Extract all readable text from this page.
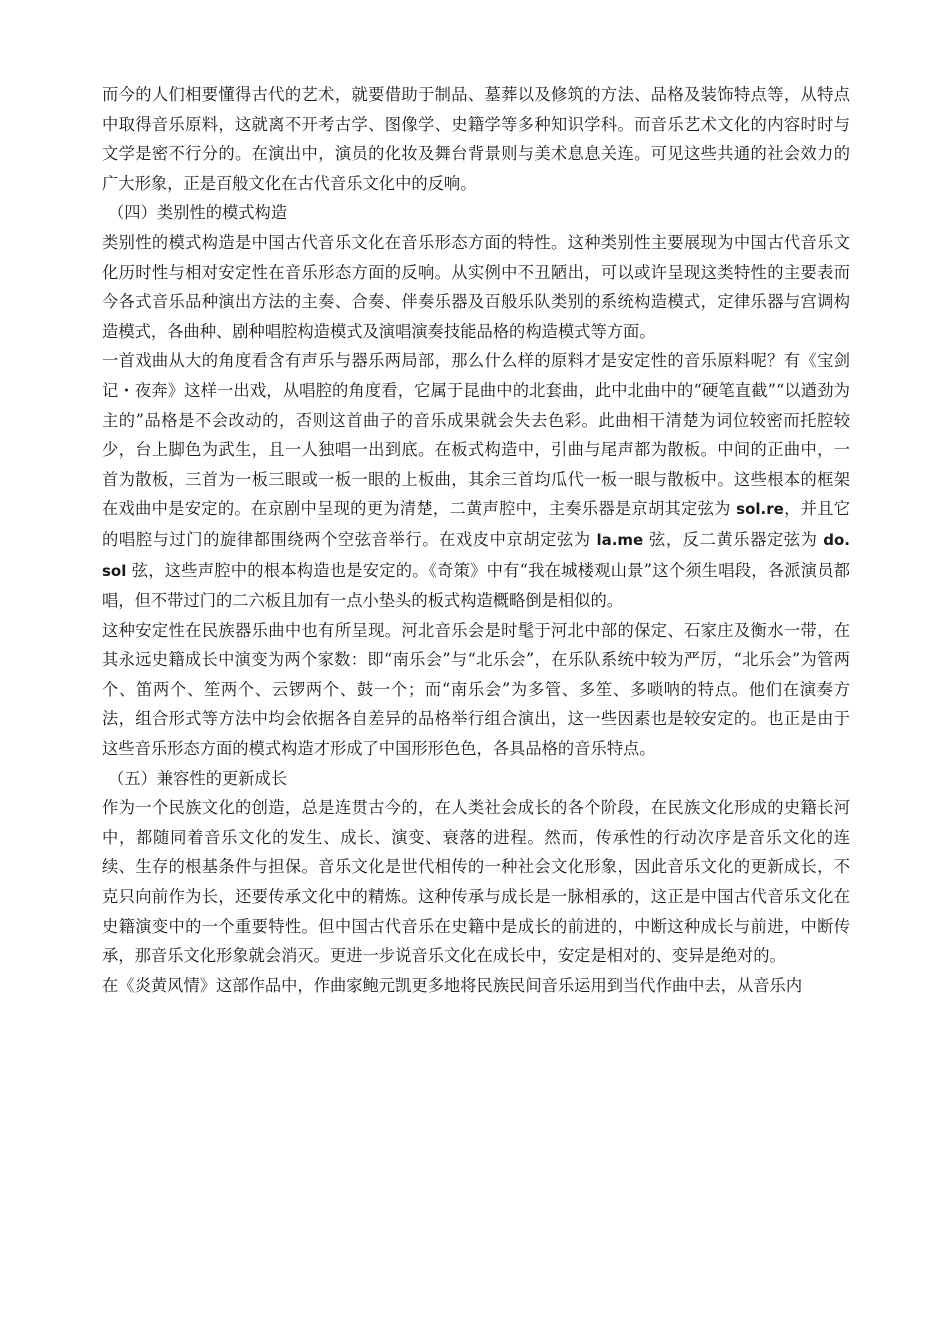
而今的人们相要懂得古代的艺术，就要借助于制品、墓葬以及修筑的方法、品格及装饰特点等，从特点中取得音乐原料，这就离不开考古学、图像学、史籍学等多种知识学科。而音乐艺术文化的内容时时与文学是密不行分的。在演出中，演员的化妆及舞台背景则与美术息息关连。可见这些共通的社会效力的广大形象，正是百般文化在古代音乐文化中的反响。

（四）类别性的模式构造

类别性的模式构造是中国古代音乐文化在音乐形态方面的特性。这种类别性主要展现为中国古代音乐文化历时性与相对安定性在音乐形态方面的反响。从实例中不丑陋出，可以或许呈现这类特性的主要表而今各式音乐品种演出方法的主奏、合奏、伴奏乐器及百般乐队类别的系统构造模式，定律乐器与宫调构造模式，各曲种、剧种唱腔构造模式及演唱演奏技能品格的构造模式等方面。

一首戏曲从大的角度看含有声乐与器乐两局部，那么什么样的原料才是安定性的音乐原料呢？有《宝剑记・夜奔》这样一出戏，从唱腔的角度看，它属于昆曲中的北套曲，此中北曲中的“硬笔直截”“以遒劲为主的”品格是不会改动的，否则这首曲子的音乐成果就会失去色彩。此曲相干清楚为词位较密而托腔较少，台上脚色为武生，且一人独唱一出到底。在板式构造中，引曲与尾声都为散板。中间的正曲中，一首为散板，三首为一板三眼或一板一眼的上板曲，其余三首均瓜代一板一眼与散板中。这些根本的框架在戏曲中是安定的。在京剧中呈现的更为清楚，二黄声腔中，主奏乐器是京胡其定弦为 sol.re，并且它的唱腔与过门的旋律都围绕两个空弦音举行。在戏皮中京胡定弦为 la.me 弦，反二黄乐器定弦为 do. sol 弦，这些声腔中的根本构造也是安定的。《奇策》中有“我在城楼观山景”这个须生唱段，各派演员都唱，但不带过门的二六板且加有一点小垫头的板式构造概略倒是相似的。

这种安定性在民族器乐曲中也有所呈现。河北音乐会是时髦于河北中部的保定、石家庄及衡水一带，在其永远史籍成长中演变为两个家数：即“南乐会”与“北乐会”，在乐队系统中较为严厉，“北乐会”为管两个、笛两个、笙两个、云锣两个、鼓一个；而“南乐会”为多管、多笙、多唢呐的特点。他们在演奏方法，组合形式等方法中均会依据各自差异的品格举行组合演出，这一些因素也是较安定的。也正是由于这些音乐形态方面的模式构造才形成了中国形形色色，各具品格的音乐特点。

（五）兼容性的更新成长

作为一个民族文化的创造，总是连贯古今的，在人类社会成长的各个阶段，在民族文化形成的史籍长河中，都随同着音乐文化的发生、成长、演变、衰落的进程。然而，传承性的行动次序是音乐文化的连续、生存的根基条件与担保。音乐文化是世代相传的一种社会文化形象，因此音乐文化的更新成长，不克只向前作为长，还要传承文化中的精炼。这种传承与成长是一脉相承的，这正是中国古代音乐文化在史籍演变中的一个重要特性。但中国古代音乐在史籍中是成长的前进的，中断这种成长与前进，中断传承，那音乐文化形象就会消灭。更进一步说音乐文化在成长中，安定是相对的、变异是绝对的。

在《炎黄风情》这部作品中，作曲家鲍元凯更多地将民族民间音乐运用到当代作曲中去，从音乐内
